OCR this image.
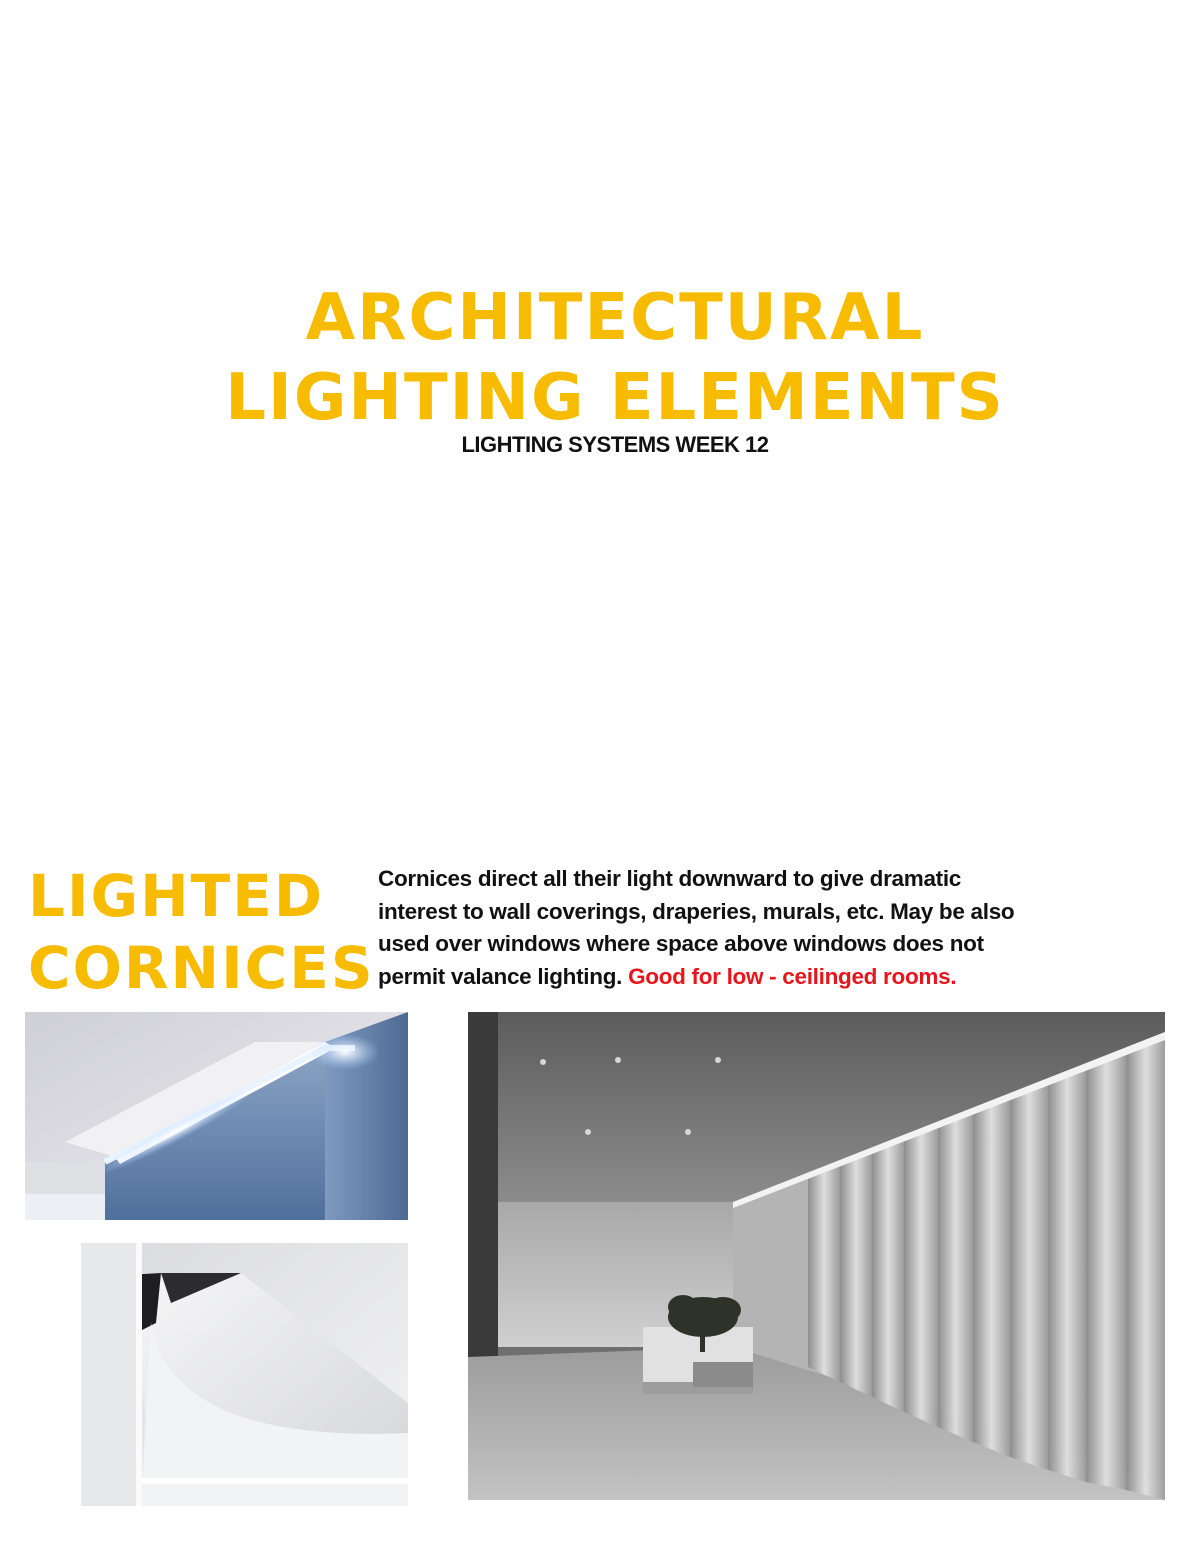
ARCHITECTURAL
LIGHTING ELEMENTS
LIGHTING SYSTEMS WEEK 12
LIGHTED
CORNICES
Cornices direct all their light downward to give dramatic
interest to wall coverings, draperies, murals, etc. May be also
used over windows where space above windows does not
permit valance lighting. Good for low - ceilinged rooms.
